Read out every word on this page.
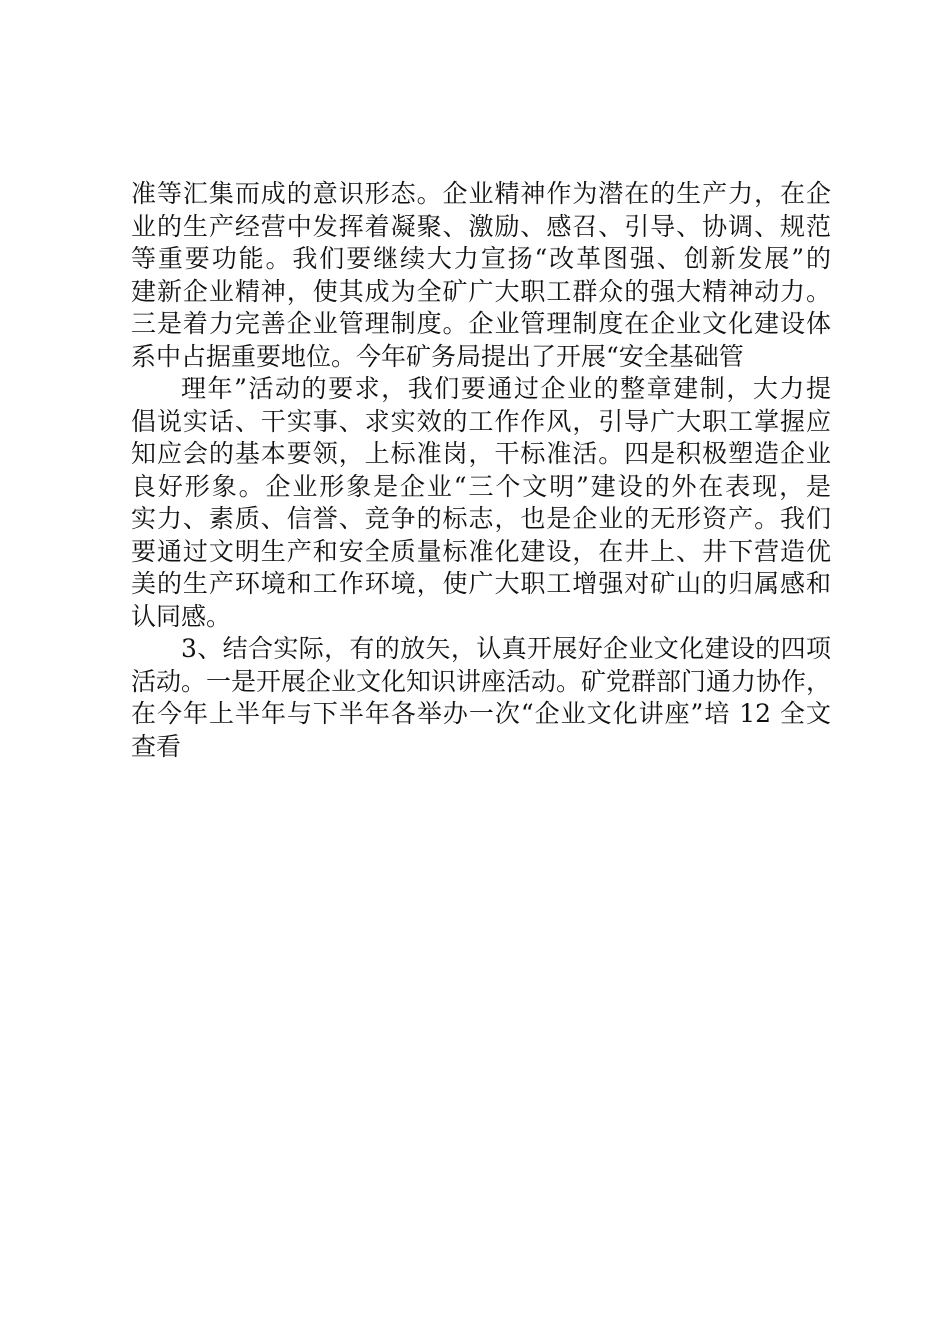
准等汇集而成的意识形态。企业精神作为潜在的生产力，在企
业的生产经营中发挥着凝聚、激励、感召、引导、协调、规范
等重要功能。我们要继续大力宣扬“改革图强、创新发展”的
建新企业精神，使其成为全矿广大职工群众的强大精神动力。
三是着力完善企业管理制度。企业管理制度在企业文化建设体
系中占据重要地位。今年矿务局提出了开展“安全基础管
理年”活动的要求，我们要通过企业的整章建制，大力提
倡说实话、干实事、求实效的工作作风，引导广大职工掌握应
知应会的基本要领，上标准岗，干标准活。四是积极塑造企业
良好形象。企业形象是企业“三个文明”建设的外在表现，是
实力、素质、信誉、竞争的标志，也是企业的无形资产。我们
要通过文明生产和安全质量标准化建设，在井上、井下营造优
美的生产环境和工作环境，使广大职工增强对矿山的归属感和
认同感。
3、结合实际，有的放矢，认真开展好企业文化建设的四项
活动。一是开展企业文化知识讲座活动。矿党群部门通力协作，
在今年上半年与下半年各举办一次“企业文化讲座”培 12 全文
查看
